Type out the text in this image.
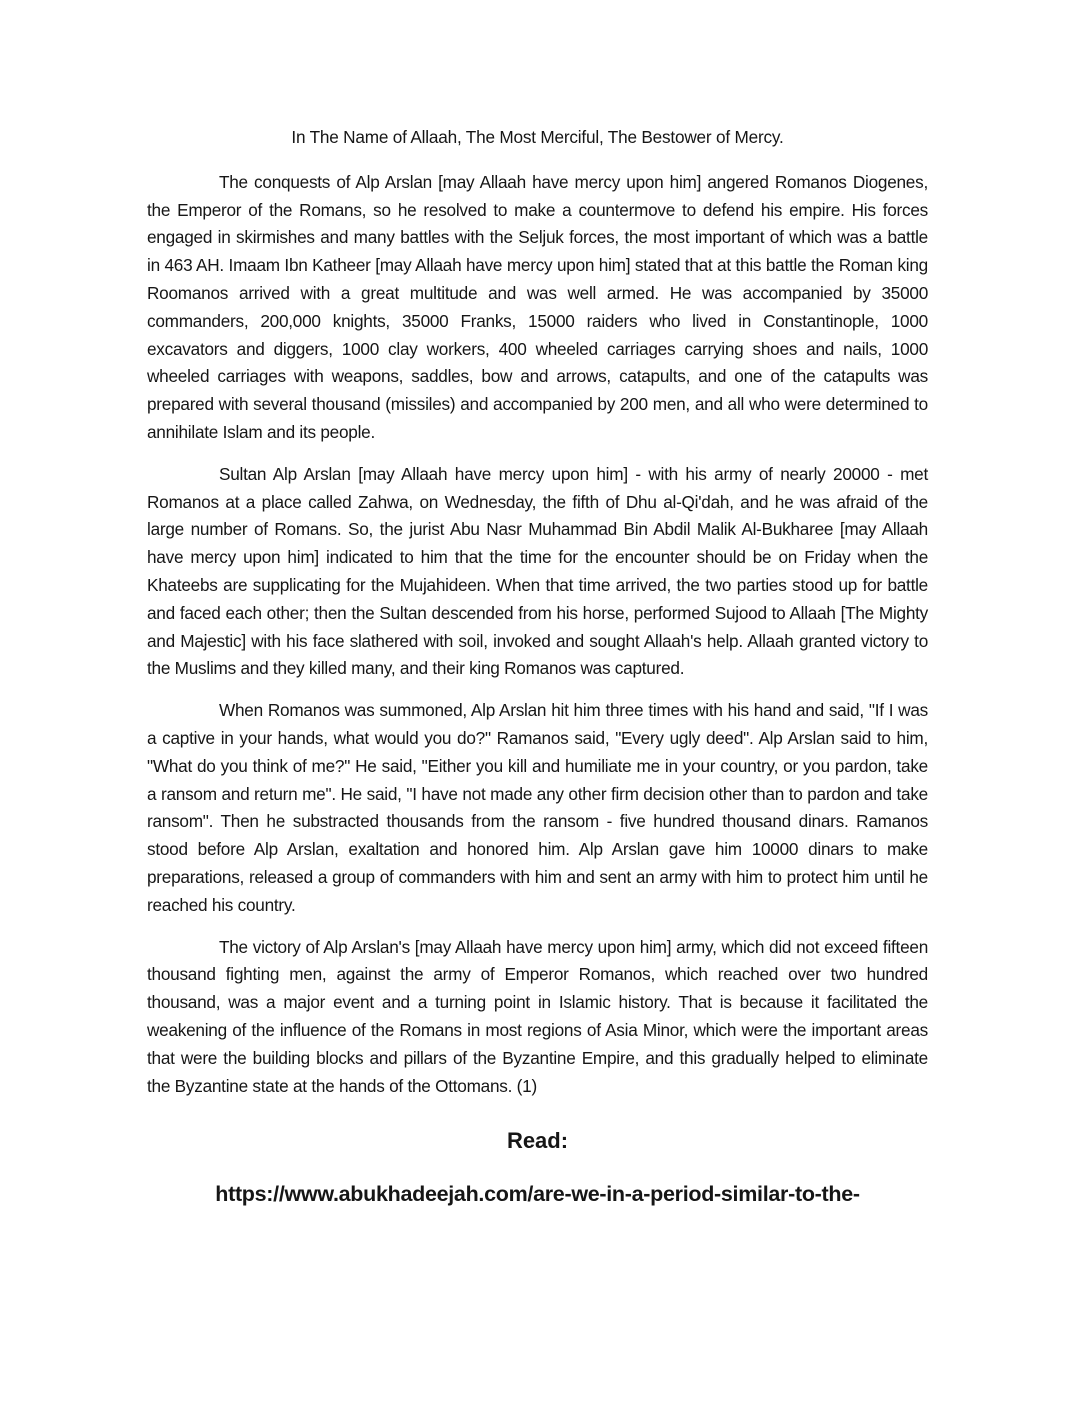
In The Name of Allaah, The Most Merciful, The Bestower of Mercy.

The conquests of Alp Arslan [may Allaah have mercy upon him] angered Romanos Diogenes, the Emperor of the Romans, so he resolved to make a countermove to defend his empire. His forces engaged in skirmishes and many battles with the Seljuk forces, the most important of which was a battle in 463 AH. Imaam Ibn Katheer [may Allaah have mercy upon him] stated that at this battle the Roman king Roomanos arrived with a great multitude and was well armed. He was accompanied by 35000 commanders, 200,000 knights, 35000 Franks, 15000 raiders who lived in Constantinople, 1000 excavators and diggers, 1000 clay workers, 400 wheeled carriages carrying shoes and nails, 1000 wheeled carriages with weapons, saddles, bow and arrows, catapults, and one of the catapults was prepared with several thousand (missiles) and accompanied by 200 men, and all who were determined to annihilate Islam and its people.

Sultan Alp Arslan [may Allaah have mercy upon him] - with his army of nearly 20000 - met Romanos at a place called Zahwa, on Wednesday, the fifth of Dhu al-Qi'dah, and he was afraid of the large number of Romans. So, the jurist Abu Nasr Muhammad Bin Abdil Malik Al-Bukharee [may Allaah have mercy upon him] indicated to him that the time for the encounter should be on Friday when the Khateebs are supplicating for the Mujahideen. When that time arrived, the two parties stood up for battle and faced each other; then the Sultan descended from his horse, performed Sujood to Allaah [The Mighty and Majestic] with his face slathered with soil, invoked and sought Allaah's help. Allaah granted victory to the Muslims and they killed many, and their king Romanos was captured.

When Romanos was summoned, Alp Arslan hit him three times with his hand and said, "If I was a captive in your hands, what would you do?" Ramanos said, "Every ugly deed". Alp Arslan said to him, "What do you think of me?" He said, "Either you kill and humiliate me in your country, or you pardon, take a ransom and return me". He said, "I have not made any other firm decision other than to pardon and take ransom". Then he substracted thousands from the ransom - five hundred thousand dinars. Ramanos stood before Alp Arslan, exaltation and honored him. Alp Arslan gave him 10000 dinars to make preparations, released a group of commanders with him and sent an army with him to protect him until he reached his country.

The victory of Alp Arslan's [may Allaah have mercy upon him] army, which did not exceed fifteen thousand fighting men, against the army of Emperor Romanos, which reached over two hundred thousand, was a major event and a turning point in Islamic history. That is because it facilitated the weakening of the influence of the Romans in most regions of Asia Minor, which were the important areas that were the building blocks and pillars of the Byzantine Empire, and this gradually helped to eliminate the Byzantine state at the hands of the Ottomans. (1)

Read:
https://www.abukhadeejah.com/are-we-in-a-period-similar-to-the-
